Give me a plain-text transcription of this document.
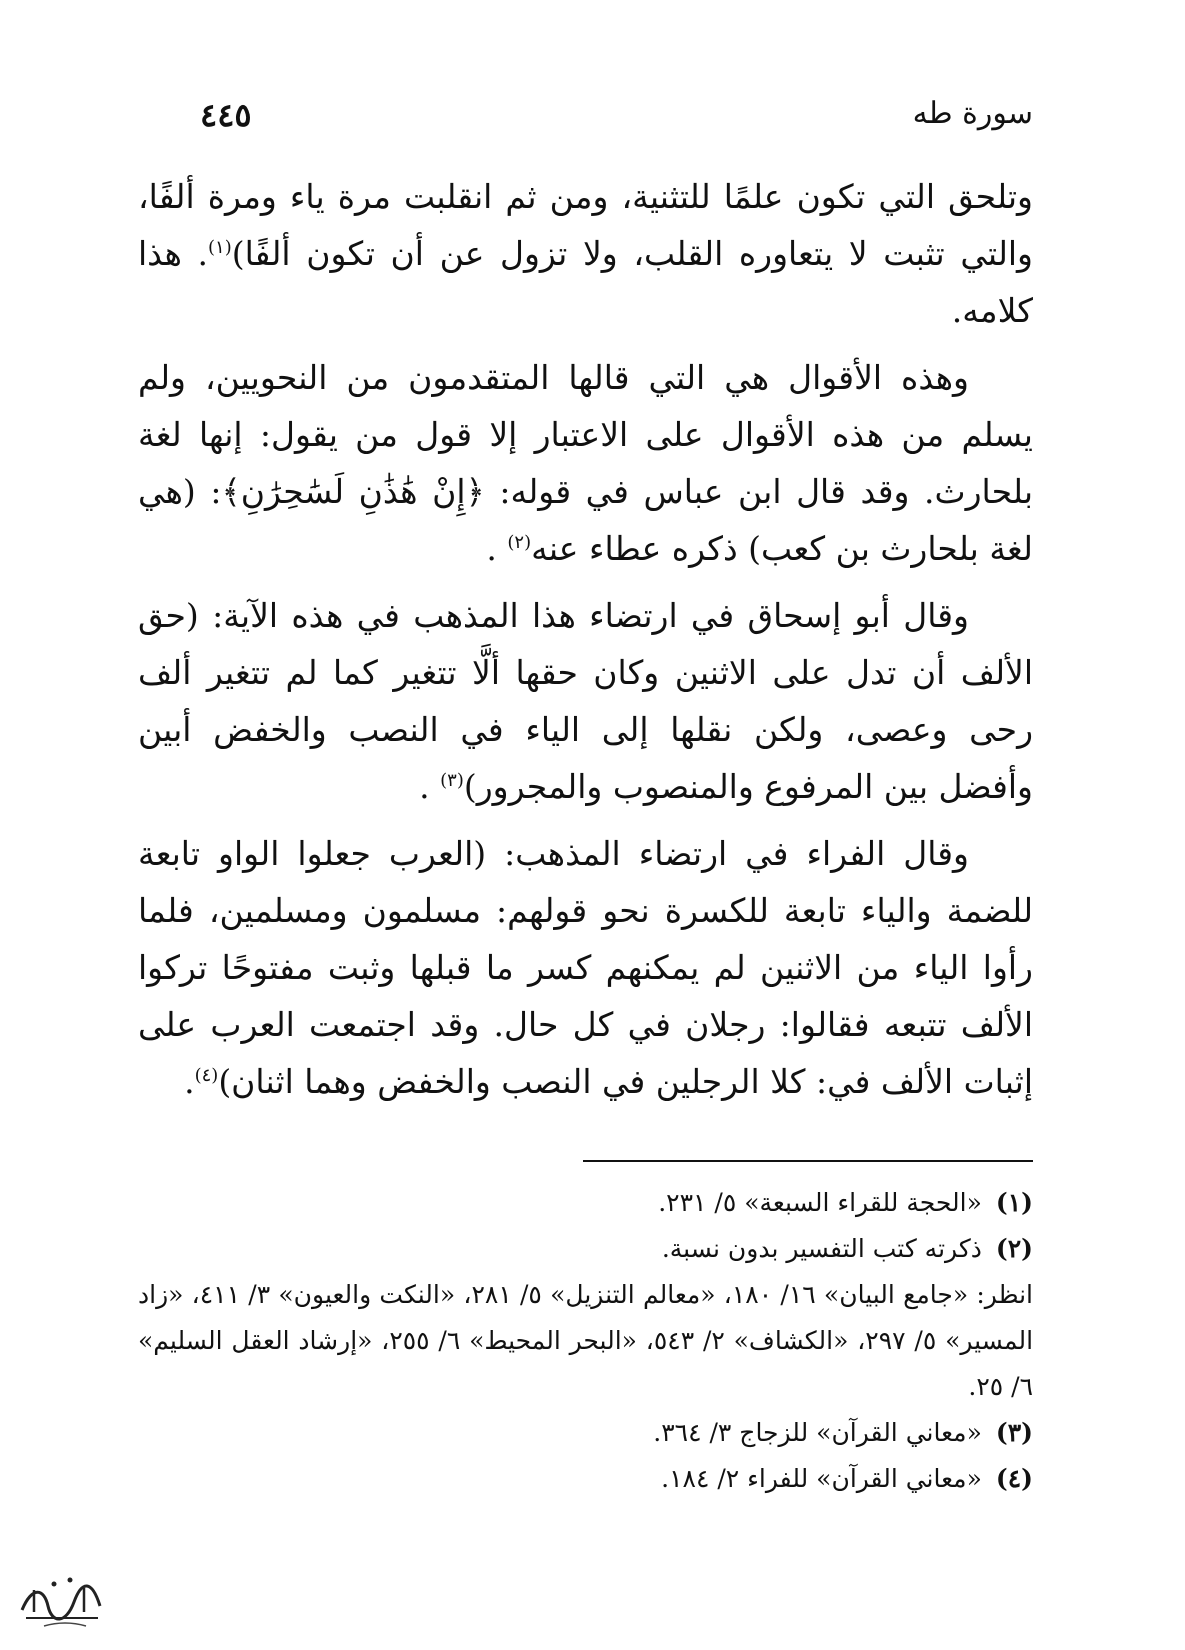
سورة طه
٤٤٥

وتلحق التي تكون علمًا للتثنية، ومن ثم انقلبت مرة ياء ومرة ألفًا، والتي تثبت لا يتعاوره القلب، ولا تزول عن أن تكون ألفًا)$^{(١)}$. هذا كلامه.

وهذه الأقوال هي التي قالها المتقدمون من النحويين، ولم يسلم من هذه الأقوال على الاعتبار إلا قول من يقول: إنها لغة بلحارث. وقد قال ابن عباس في قوله: ﴿إِنْ هَٰذَٰنِ لَسَٰحِرَٰنِ﴾: (هي لغة بلحارث بن كعب) ذكره عطاء عنه$^{(٢)}$ .

وقال أبو إسحاق في ارتضاء هذا المذهب في هذه الآية: (حق الألف أن تدل على الاثنين وكان حقها ألَّا تتغير كما لم تتغير ألف رحى وعصى، ولكن نقلها إلى الياء في النصب والخفض أبين وأفضل بين المرفوع والمنصوب والمجرور)$^{(٣)}$ .

وقال الفراء في ارتضاء المذهب: (العرب جعلوا الواو تابعة للضمة والياء تابعة للكسرة نحو قولهم: مسلمون ومسلمين، فلما رأوا الياء من الاثنين لم يمكنهم كسر ما قبلها وثبت مفتوحًا تركوا الألف تتبعه فقالوا: رجلان في كل حال. وقد اجتمعت العرب على إثبات الألف في: كلا الرجلين في النصب والخفض وهما اثنان)$^{(٤)}$.

(١)
«الحجة للقراء السبعة» ٥/ ٢٣١.
(٢)
ذكرته كتب التفسير بدون نسبة.
انظر: «جامع البيان» ١٦/ ١٨٠، «معالم التنزيل» ٥/ ٢٨١، «النكت والعيون» ٣/ ٤١١، «زاد المسير» ٥/ ٢٩٧، «الكشاف» ٢/ ٥٤٣، «البحر المحيط» ٦/ ٢٥٥، «إرشاد العقل السليم» ٦/ ٢٥.
(٣)
«معاني القرآن» للزجاج ٣/ ٣٦٤.
(٤)
«معاني القرآن» للفراء ٢/ ١٨٤.
